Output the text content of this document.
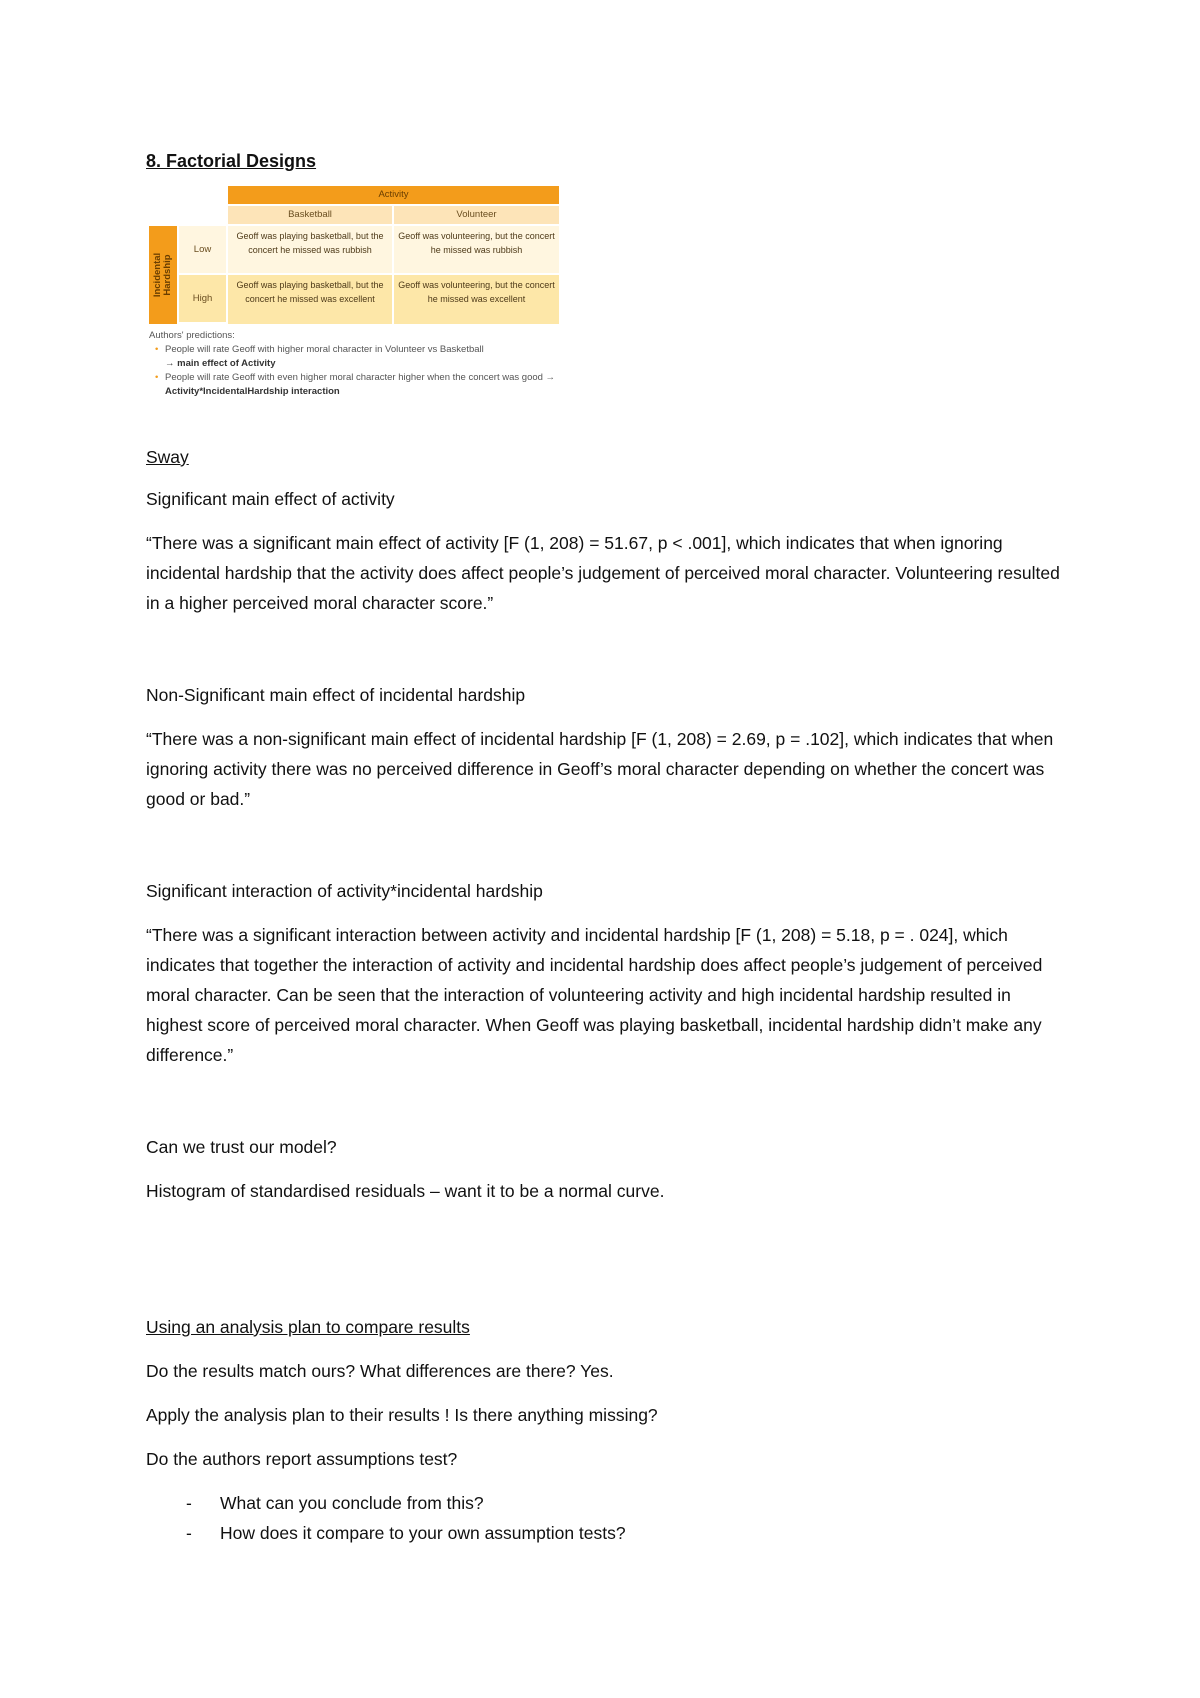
8. Factorial Designs
Activity
Basketball	Volunteer
Incidental
Hardship
Low
High
Geoff was playing basketball, but the concert he missed was rubbish
Geoff was volunteering, but the concert he missed was rubbish
Geoff was playing basketball, but the concert he missed was excellent
Geoff was volunteering, but the concert he missed was excellent
Authors' predictions:
• People will rate Geoff with higher moral character in Volunteer vs Basketball
→ main effect of Activity
• People will rate Geoff with even higher moral character higher when the concert was good → Activity*IncidentalHardship interaction

Sway

Significant main effect of activity

“There was a significant main effect of activity [F (1, 208) = 51.67, p < .001], which indicates that when ignoring incidental hardship that the activity does affect people’s judgement of perceived moral character. Volunteering resulted in a higher perceived moral character score.”

Non-Significant main effect of incidental hardship

“There was a non-significant main effect of incidental hardship [F (1, 208) = 2.69, p = .102], which indicates that when ignoring activity there was no perceived difference in Geoff’s moral character depending on whether the concert was good or bad.”

Significant interaction of activity*incidental hardship

“There was a significant interaction between activity and incidental hardship [F (1, 208) = 5.18, p = . 024], which indicates that together the interaction of activity and incidental hardship does affect people’s judgement of perceived moral character. Can be seen that the interaction of volunteering activity and high incidental hardship resulted in highest score of perceived moral character. When Geoff was playing basketball, incidental hardship didn’t make any difference.”

Can we trust our model?

Histogram of standardised residuals – want it to be a normal curve.

Using an analysis plan to compare results

Do the results match ours? What differences are there? Yes.

Apply the analysis plan to their results ! Is there anything missing?

Do the authors report assumptions test?

- What can you conclude from this?
- How does it compare to your own assumption tests?
